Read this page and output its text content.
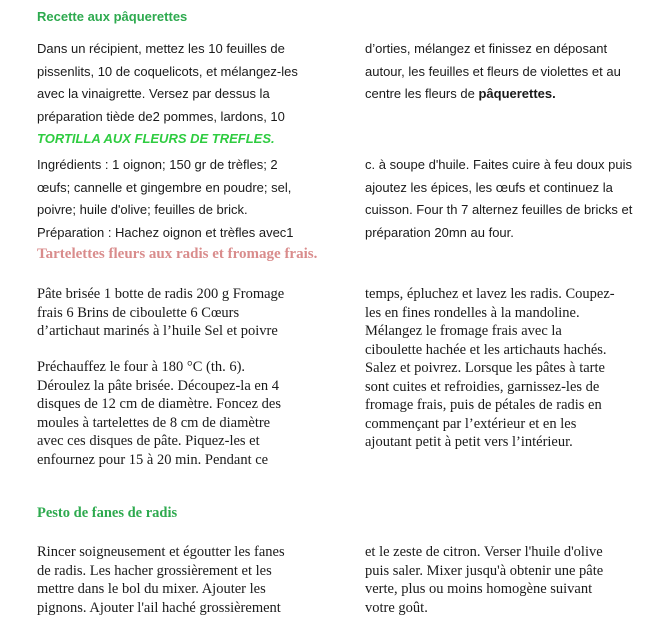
Recette aux pâquerettes
Dans un récipient, mettez les 10 feuilles de
pissenlits, 10 de coquelicots, et mélangez-les
avec la vinaigrette. Versez par dessus la
préparation tiède de2 pommes, lardons, 10
TORTILLA AUX FLEURS DE TREFLES.
d’orties, mélangez et finissez en déposant
autour, les feuilles et fleurs de violettes et au
centre les fleurs de pâquerettes.
Ingrédients : 1 oignon; 150 gr de trèfles; 2
œufs; cannelle et gingembre en poudre; sel,
poivre; huile d'olive; feuilles de brick.
Préparation : Hachez oignon et trèfles avec1
c. à soupe d'huile. Faites cuire à feu doux puis
ajoutez les épices, les œufs et continuez la
cuisson. Four th 7 alternez feuilles de bricks et
préparation 20mn au four.
Tartelettes fleurs aux radis et fromage frais.
Pâte brisée 1 botte de radis 200 g Fromage
frais 6 Brins de ciboulette 6 Cœurs
d’artichaut marinés à l’huile Sel et poivre
Préchauffez le four à 180 °C (th. 6).
Déroulez la pâte brisée. Découpez-la en 4
disques de 12 cm de diamètre. Foncez des
moules à tartelettes de 8 cm de diamètre
avec ces disques de pâte. Piquez-les et
enfournez pour 15 à 20 min. Pendant ce
temps, épluchez et lavez les radis. Coupez-
les en fines rondelles à la mandoline.
Mélangez le fromage frais avec la
ciboulette hachée et les artichauts hachés.
Salez et poivrez. Lorsque les pâtes à tarte
sont cuites et refroidies, garnissez-les de
fromage frais, puis de pétales de radis en
commençant par l’extérieur et en les
ajoutant petit à petit vers l’intérieur.
Pesto de fanes de radis
Rincer soigneusement et égoutter les fanes
de radis. Les hacher grossièrement et les
mettre dans le bol du mixer. Ajouter les
pignons. Ajouter l'ail haché grossièrement
et le zeste de citron. Verser l'huile d'olive
puis saler. Mixer jusqu'à obtenir une pâte
verte, plus ou moins homogène suivant
votre goût.
